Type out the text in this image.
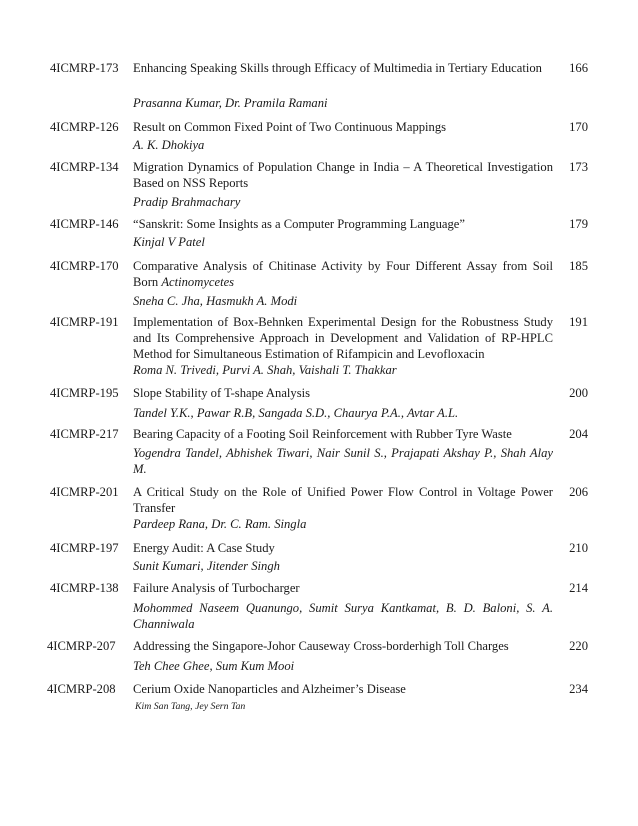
4ICMRP-173 Enhancing Speaking Skills through Efficacy of Multimedia in Tertiary Education
Prasanna Kumar, Dr. Pramila Ramani
166
4ICMRP-126 Result on Common Fixed Point of Two Continuous Mappings
A. K. Dhokiya
170
4ICMRP-134 Migration Dynamics of Population Change in India – A Theoretical Investigation Based on NSS Reports
Pradip Brahmachary
173
4ICMRP-146 “Sanskrit: Some Insights as a Computer Programming Language”
Kinjal V Patel
179
4ICMRP-170 Comparative Analysis of Chitinase Activity by Four Different Assay from Soil Born Actinomycetes
Sneha C. Jha, Hasmukh A. Modi
185
4ICMRP-191 Implementation of Box-Behnken Experimental Design for the Robustness Study and Its Comprehensive Approach in Development and Validation of RP-HPLC Method for Simultaneous Estimation of Rifampicin and Levofloxacin
Roma N. Trivedi, Purvi A. Shah, Vaishali T. Thakkar
191
4ICMRP-195 Slope Stability of T-shape Analysis
Tandel Y.K., Pawar R.B, Sangada S.D., Chaurya P.A., Avtar A.L.
200
4ICMRP-217 Bearing Capacity of a Footing Soil Reinforcement with Rubber Tyre Waste
Yogendra Tandel, Abhishek Tiwari, Nair Sunil S., Prajapati Akshay P., Shah Alay M.
204
4ICMRP-201 A Critical Study on the Role of Unified Power Flow Control in Voltage Power Transfer
Pardeep Rana, Dr. C. Ram. Singla
206
4ICMRP-197 Energy Audit: A Case Study
Sunit Kumari, Jitender Singh
210
4ICMRP-138 Failure Analysis of Turbocharger
Mohommed Naseem Quanungo, Sumit Surya Kantkamat, B. D. Baloni, S. A. Channiwala
214
4ICMRP-207 Addressing the Singapore-Johor Causeway Cross-borderhigh Toll Charges
Teh Chee Ghee, Sum Kum Mooi
220
4ICMRP-208 Cerium Oxide Nanoparticles and Alzheimer’s Disease
Kim San Tang, Jey Sern Tan
234
